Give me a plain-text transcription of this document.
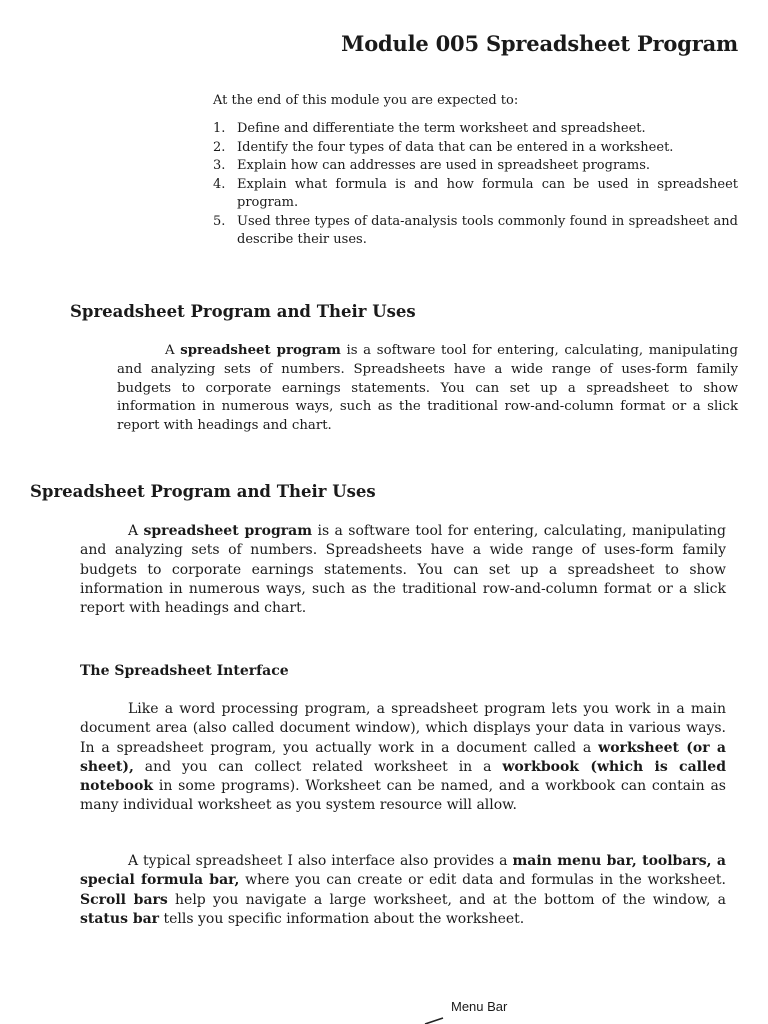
Module 005 Spreadsheet Program
At the end of this module you are expected to:
1. Define and differentiate the term worksheet and spreadsheet.
2. Identify the four types of data that can be entered in a worksheet.
3. Explain how can addresses are used in spreadsheet programs.
4. Explain what formula is and how formula can be used in spreadsheet program.
5. Used three types of data-analysis tools commonly found in spreadsheet and describe their uses.
Spreadsheet Program and Their Uses

A spreadsheet program is a software tool for entering, calculating, manipulating and analyzing sets of numbers. Spreadsheets have a wide range of uses-form family budgets to corporate earnings statements. You can set up a spreadsheet to show information in numerous ways, such as the traditional row-and-column format or a slick report with headings and chart.

Spreadsheet Program and Their Uses

A spreadsheet program is a software tool for entering, calculating, manipulating and analyzing sets of numbers. Spreadsheets have a wide range of uses-form family budgets to corporate earnings statements. You can set up a spreadsheet to show information in numerous ways, such as the traditional row-and-column format or a slick report with headings and chart.

The Spreadsheet Interface

Like a word processing program, a spreadsheet program lets you work in a main document area (also called document window), which displays your data in various ways. In a spreadsheet program, you actually work in a document called a worksheet (or a sheet), and you can collect related worksheet in a workbook (which is called notebook in some programs). Worksheet can be named, and a workbook can contain as many individual worksheet as you system resource will allow.

A typical spreadsheet I also interface also provides a main menu bar, toolbars, a special formula bar, where you can create or edit data and formulas in the worksheet. Scroll bars help you navigate a large worksheet, and at the bottom of the window, a status bar tells you specific information about the worksheet.

Menu Bar
